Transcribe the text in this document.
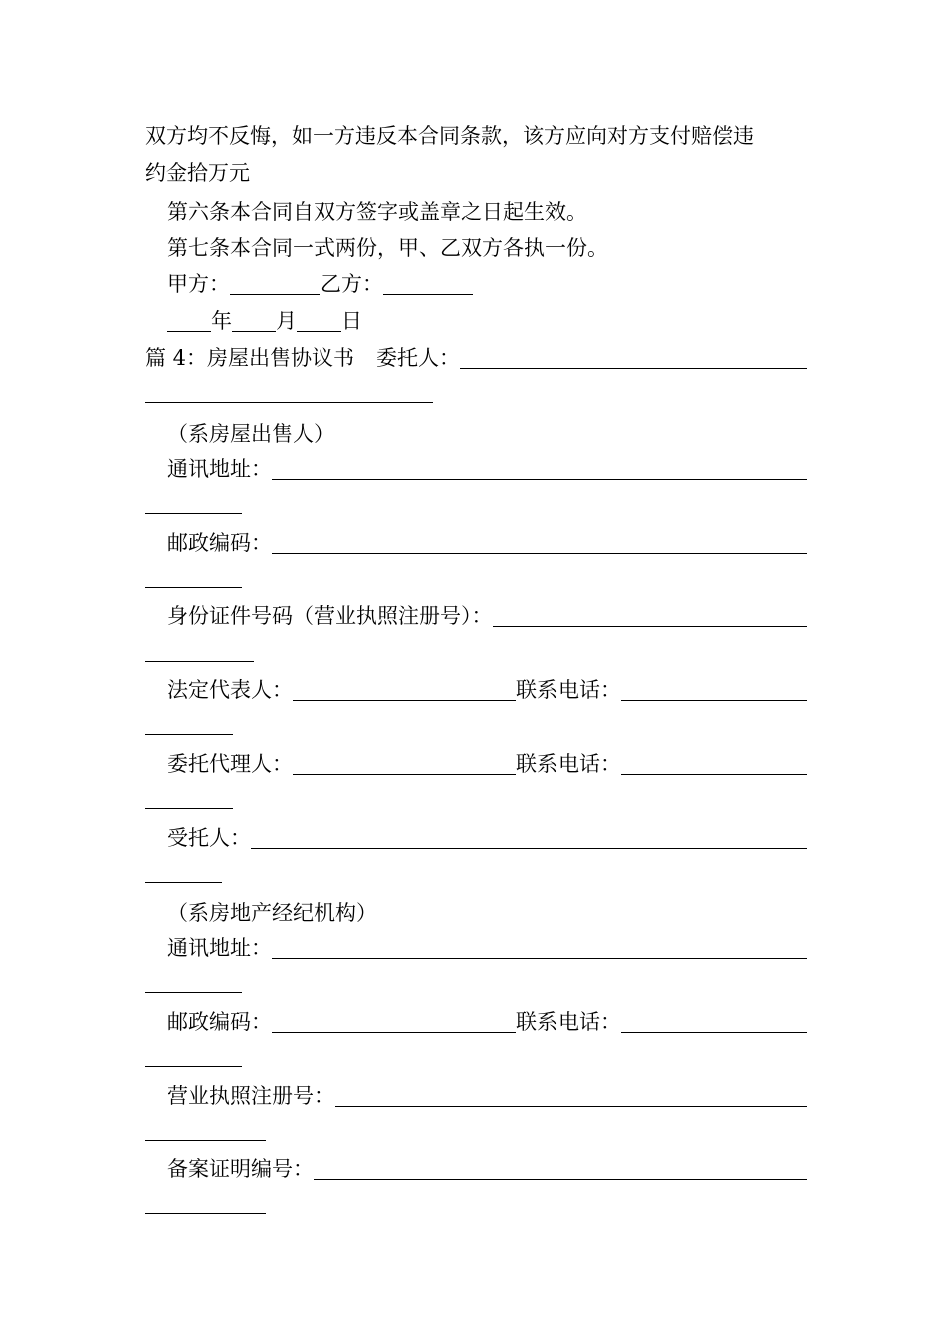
双方均不反悔，如一方违反本合同条款，该方应向对方支付赔偿违
约金拾万元
第六条本合同自双方签字或盖章之日起生效。
第七条本合同一式两份，甲、乙双方各执一份。
甲方：	乙方：
年 月 日
篇 4：房屋出售协议书 委托人：
（系房屋出售人）
通讯地址：
邮政编码：
身份证件号码（营业执照注册号）：
法定代表人：	联系电话：
委托代理人：	联系电话：
受托人：
（系房地产经纪机构）
通讯地址：
邮政编码：	联系电话：
营业执照注册号：
备案证明编号：
